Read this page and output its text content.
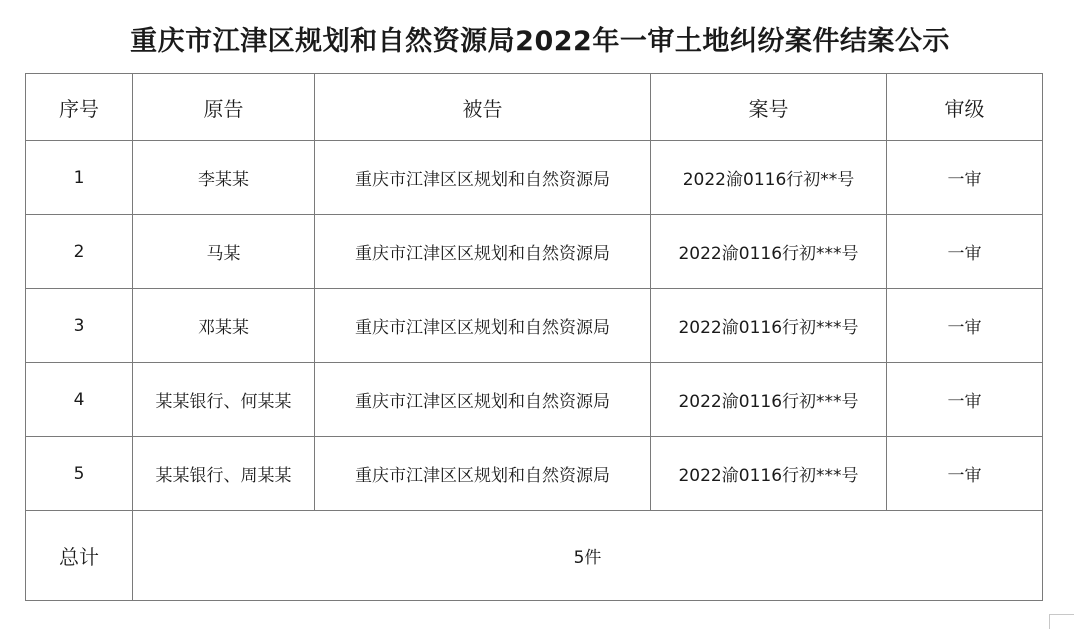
重庆市江津区规划和自然资源局2022年一审土地纠纷案件结案公示
序号	原告	被告	案号	审级
1	李某某	重庆市江津区区规划和自然资源局	2022渝0116行初**号	一审
2	马某	重庆市江津区区规划和自然资源局	2022渝0116行初***号	一审
3	邓某某	重庆市江津区区规划和自然资源局	2022渝0116行初***号	一审
4	某某银行、何某某	重庆市江津区区规划和自然资源局	2022渝0116行初***号	一审
5	某某银行、周某某	重庆市江津区区规划和自然资源局	2022渝0116行初***号	一审
总计	5件			
